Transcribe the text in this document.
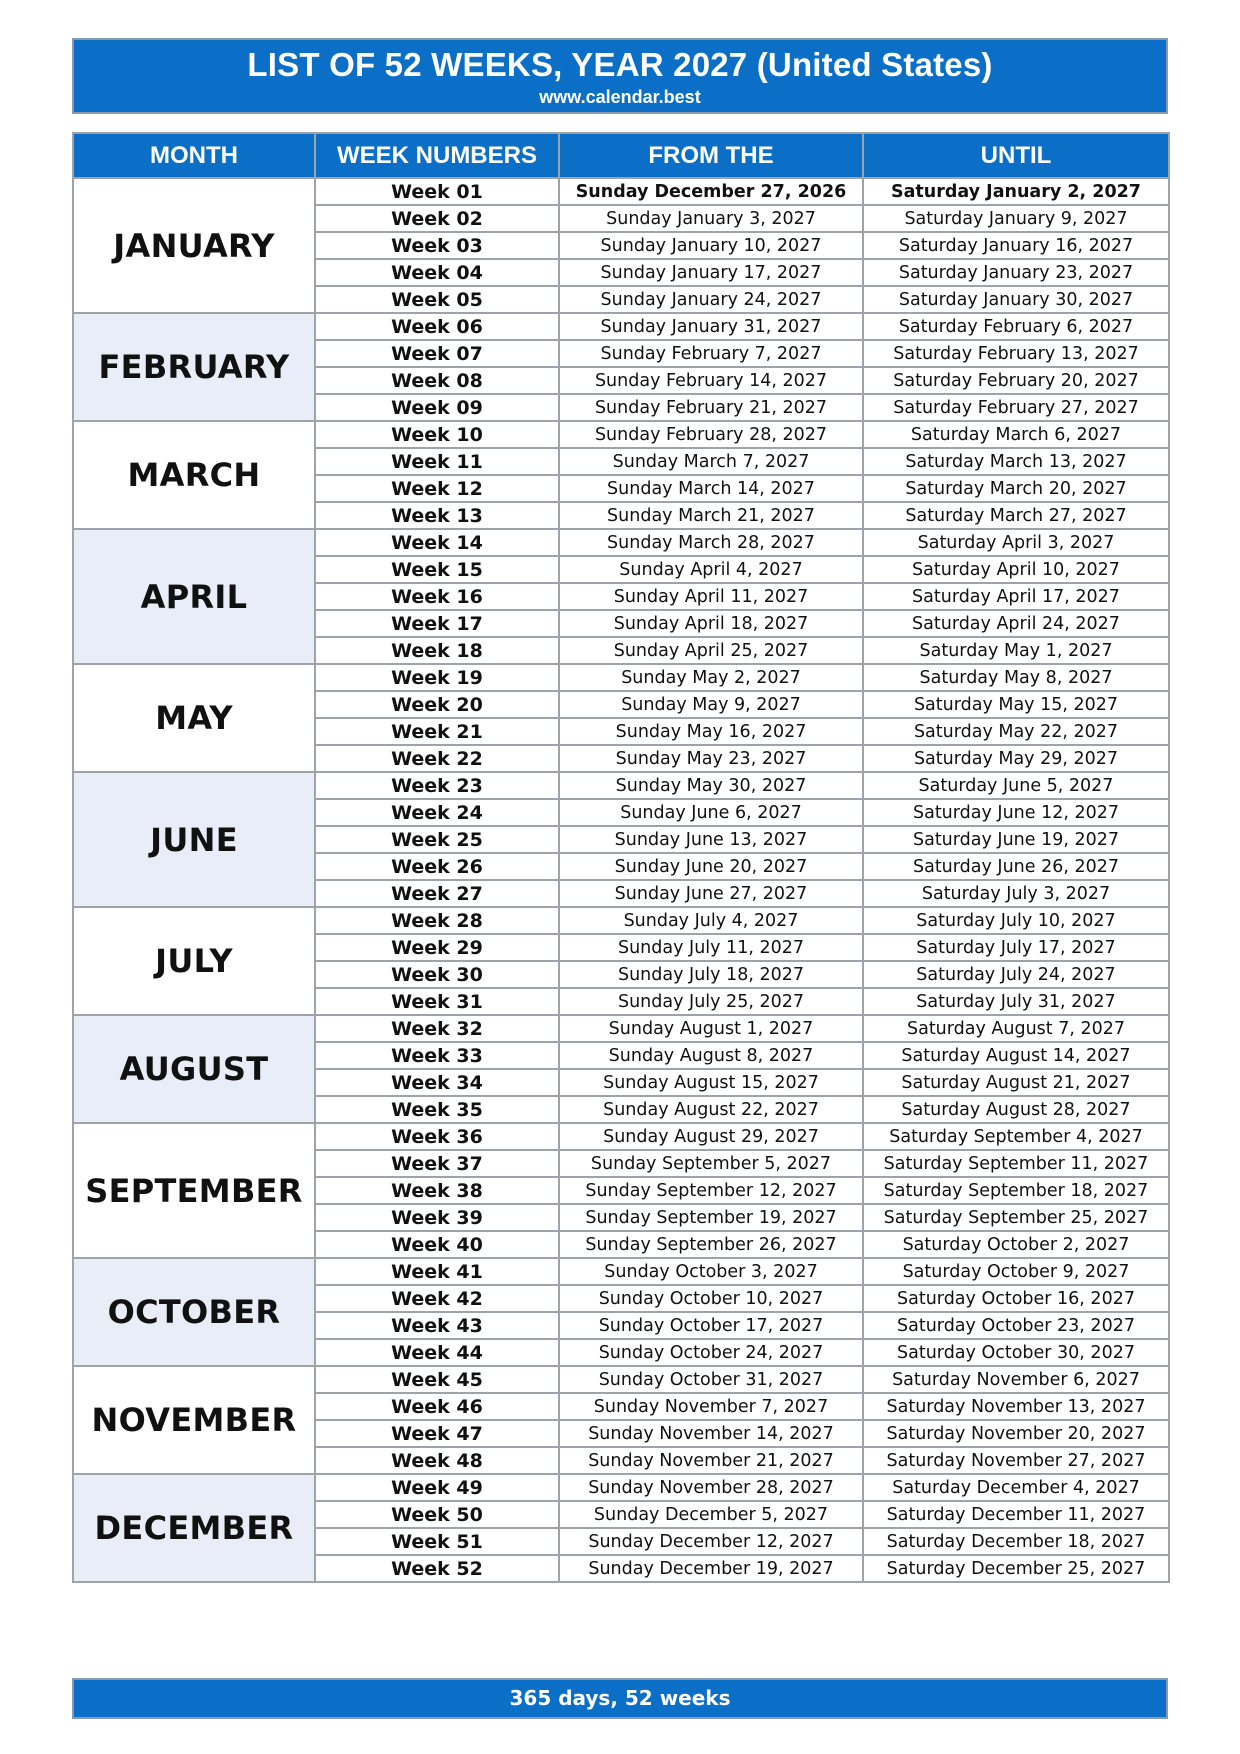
LIST OF 52 WEEKS, YEAR 2027 (United States)
www.calendar.best
MONTH	WEEK NUMBERS	FROM THE	UNTIL
JANUARY	Week 01	Sunday December 27, 2026	Saturday January 2, 2027
	Week 02	Sunday January 3, 2027	Saturday January 9, 2027
	Week 03	Sunday January 10, 2027	Saturday January 16, 2027
	Week 04	Sunday January 17, 2027	Saturday January 23, 2027
	Week 05	Sunday January 24, 2027	Saturday January 30, 2027
FEBRUARY	Week 06	Sunday January 31, 2027	Saturday February 6, 2027
	Week 07	Sunday February 7, 2027	Saturday February 13, 2027
	Week 08	Sunday February 14, 2027	Saturday February 20, 2027
	Week 09	Sunday February 21, 2027	Saturday February 27, 2027
MARCH	Week 10	Sunday February 28, 2027	Saturday March 6, 2027
	Week 11	Sunday March 7, 2027	Saturday March 13, 2027
	Week 12	Sunday March 14, 2027	Saturday March 20, 2027
	Week 13	Sunday March 21, 2027	Saturday March 27, 2027
APRIL	Week 14	Sunday March 28, 2027	Saturday April 3, 2027
	Week 15	Sunday April 4, 2027	Saturday April 10, 2027
	Week 16	Sunday April 11, 2027	Saturday April 17, 2027
	Week 17	Sunday April 18, 2027	Saturday April 24, 2027
	Week 18	Sunday April 25, 2027	Saturday May 1, 2027
MAY	Week 19	Sunday May 2, 2027	Saturday May 8, 2027
	Week 20	Sunday May 9, 2027	Saturday May 15, 2027
	Week 21	Sunday May 16, 2027	Saturday May 22, 2027
	Week 22	Sunday May 23, 2027	Saturday May 29, 2027
JUNE	Week 23	Sunday May 30, 2027	Saturday June 5, 2027
	Week 24	Sunday June 6, 2027	Saturday June 12, 2027
	Week 25	Sunday June 13, 2027	Saturday June 19, 2027
	Week 26	Sunday June 20, 2027	Saturday June 26, 2027
	Week 27	Sunday June 27, 2027	Saturday July 3, 2027
JULY	Week 28	Sunday July 4, 2027	Saturday July 10, 2027
	Week 29	Sunday July 11, 2027	Saturday July 17, 2027
	Week 30	Sunday July 18, 2027	Saturday July 24, 2027
	Week 31	Sunday July 25, 2027	Saturday July 31, 2027
AUGUST	Week 32	Sunday August 1, 2027	Saturday August 7, 2027
	Week 33	Sunday August 8, 2027	Saturday August 14, 2027
	Week 34	Sunday August 15, 2027	Saturday August 21, 2027
	Week 35	Sunday August 22, 2027	Saturday August 28, 2027
SEPTEMBER	Week 36	Sunday August 29, 2027	Saturday September 4, 2027
	Week 37	Sunday September 5, 2027	Saturday September 11, 2027
	Week 38	Sunday September 12, 2027	Saturday September 18, 2027
	Week 39	Sunday September 19, 2027	Saturday September 25, 2027
	Week 40	Sunday September 26, 2027	Saturday October 2, 2027
OCTOBER	Week 41	Sunday October 3, 2027	Saturday October 9, 2027
	Week 42	Sunday October 10, 2027	Saturday October 16, 2027
	Week 43	Sunday October 17, 2027	Saturday October 23, 2027
	Week 44	Sunday October 24, 2027	Saturday October 30, 2027
NOVEMBER	Week 45	Sunday October 31, 2027	Saturday November 6, 2027
	Week 46	Sunday November 7, 2027	Saturday November 13, 2027
	Week 47	Sunday November 14, 2027	Saturday November 20, 2027
	Week 48	Sunday November 21, 2027	Saturday November 27, 2027
DECEMBER	Week 49	Sunday November 28, 2027	Saturday December 4, 2027
	Week 50	Sunday December 5, 2027	Saturday December 11, 2027
	Week 51	Sunday December 12, 2027	Saturday December 18, 2027
	Week 52	Sunday December 19, 2027	Saturday December 25, 2027
365 days, 52 weeks
